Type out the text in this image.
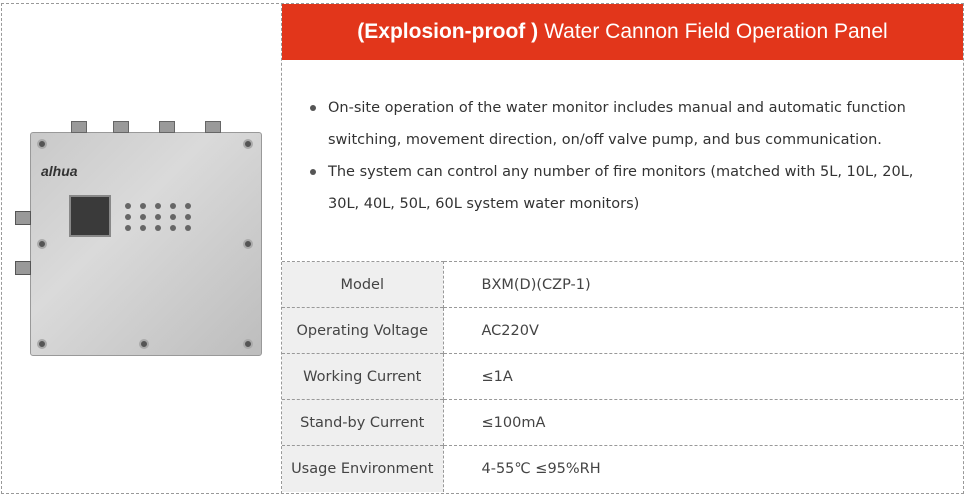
alhua
(Explosion-proof ) Water Cannon Field Operation Panel
On-site operation of the water monitor includes manual and automatic function switching, movement direction, on/off valve pump, and bus communication.
The system can control any number of fire monitors (matched with 5L, 10L, 20L, 30L, 40L, 50L, 60L system water monitors)
Model	BXM(D)(CZP-1)
Operating Voltage	AC220V
Working Current	≤1A
Stand-by Current	≤100mA
Usage Environment	4-55℃ ≤95%RH
